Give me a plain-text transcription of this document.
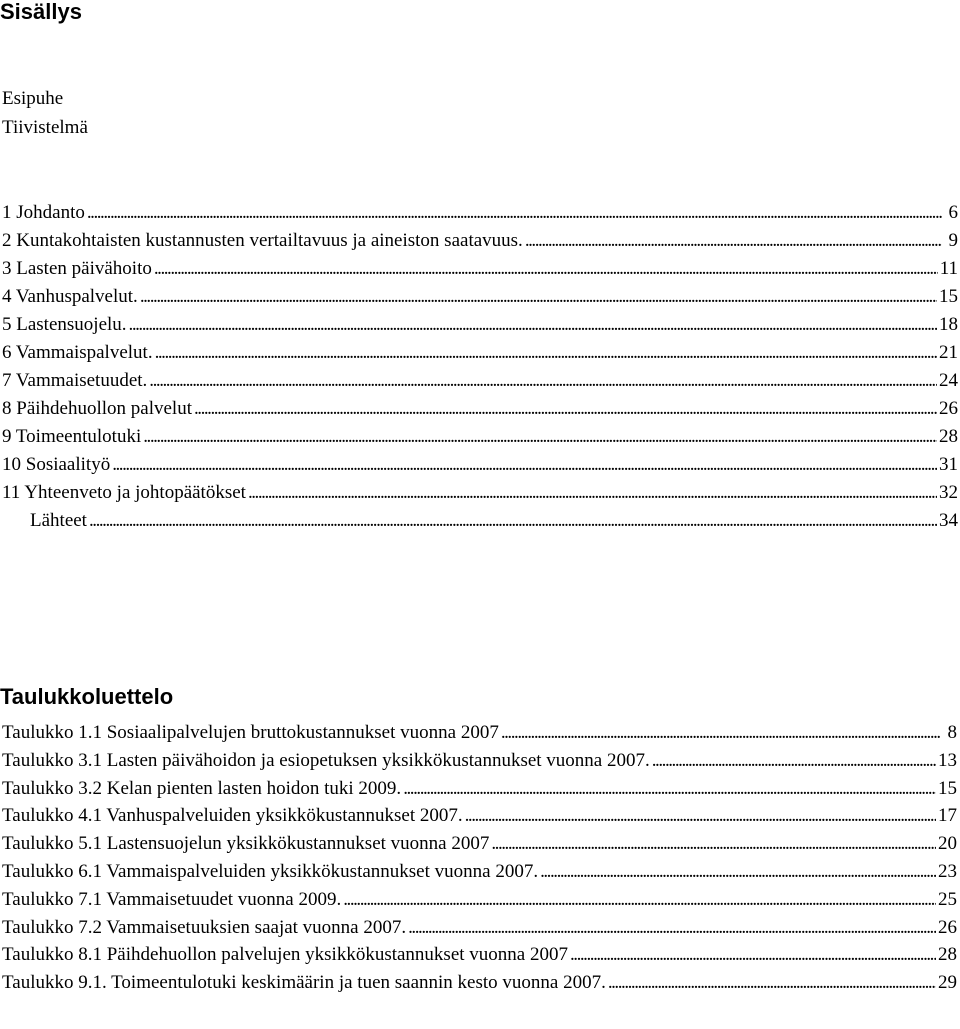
Sisällys
Esipuhe
Tiivistelmä
1 Johdanto . . .	6
2 Kuntakohtaisten kustannusten vertailtavuus ja aineiston saatavuus. . . .	9
3 Lasten päivähoito . . .	11
4 Vanhuspalvelut. . . .	15
5 Lastensuojelu. . . .	18
6 Vammaispalvelut. . . .	21
7 Vammaisetuudet. . . .	24
8 Päihdehuollon palvelut . . .	26
9 Toimeentulotuki . . .	28
10 Sosiaalityö . . .	31
11 Yhteenveto ja johtopäätökset . . .	32
Lähteet . . .	34
Taulukkoluettelo
Taulukko 1.1 Sosiaalipalvelujen bruttokustannukset vuonna 2007 . . .	8
Taulukko 3.1 Lasten päivähoidon ja esiopetuksen yksikkökustannukset vuonna 2007. . . .	13
Taulukko 3.2 Kelan pienten lasten hoidon tuki 2009. . . .	15
Taulukko 4.1 Vanhuspalveluiden yksikkökustannukset 2007. . . .	17
Taulukko 5.1 Lastensuojelun yksikkökustannukset vuonna 2007 . . .	20
Taulukko 6.1 Vammaispalveluiden yksikkökustannukset vuonna 2007. . . .	23
Taulukko 7.1 Vammaisetuudet vuonna 2009. . . .	25
Taulukko 7.2 Vammaisetuuksien saajat vuonna 2007. . . .	26
Taulukko 8.1 Päihdehuollon palvelujen yksikkökustannukset vuonna 2007 . . .	28
Taulukko 9.1. Toimeentulotuki keskimäärin ja tuen saannin kesto vuonna 2007. . . .	29
